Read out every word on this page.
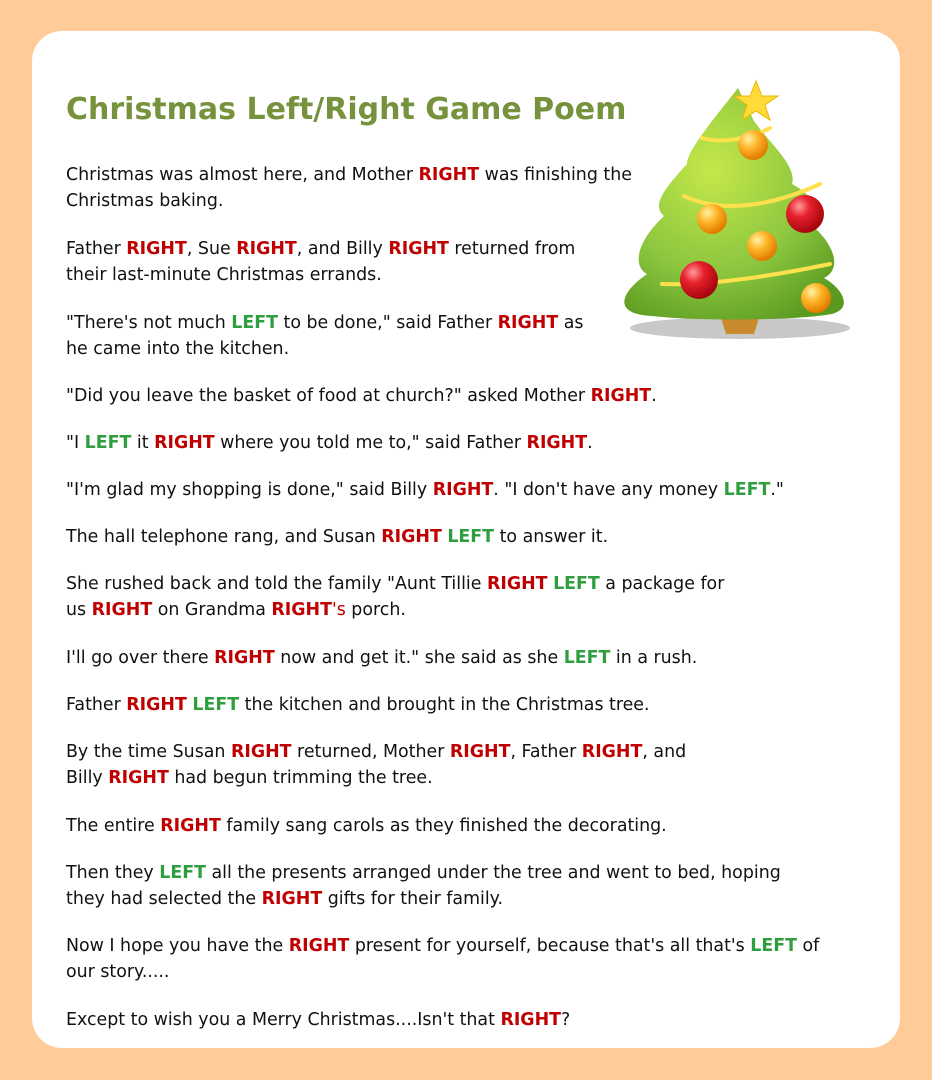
Christmas Left/Right Game Poem

Christmas was almost here, and Mother RIGHT was finishing the
Christmas baking.

Father RIGHT, Sue RIGHT, and Billy RIGHT returned from
their last-minute Christmas errands.

"There's not much LEFT to be done," said Father RIGHT as
he came into the kitchen.

"Did you leave the basket of food at church?" asked Mother RIGHT.

"I LEFT it RIGHT where you told me to," said Father RIGHT.

"I'm glad my shopping is done," said Billy RIGHT. "I don't have any money LEFT."

The hall telephone rang, and Susan RIGHT LEFT to answer it.

She rushed back and told the family "Aunt Tillie RIGHT LEFT a package for
us RIGHT on Grandma RIGHT's porch.

I'll go over there RIGHT now and get it." she said as she LEFT in a rush.

Father RIGHT LEFT the kitchen and brought in the Christmas tree.

By the time Susan RIGHT returned, Mother RIGHT, Father RIGHT, and
Billy RIGHT had begun trimming the tree.

The entire RIGHT family sang carols as they finished the decorating.

Then they LEFT all the presents arranged under the tree and went to bed, hoping
they had selected the RIGHT gifts for their family.

Now I hope you have the RIGHT present for yourself, because that's all that's LEFT of
our story.....

Except to wish you a Merry Christmas....Isn't that RIGHT?
